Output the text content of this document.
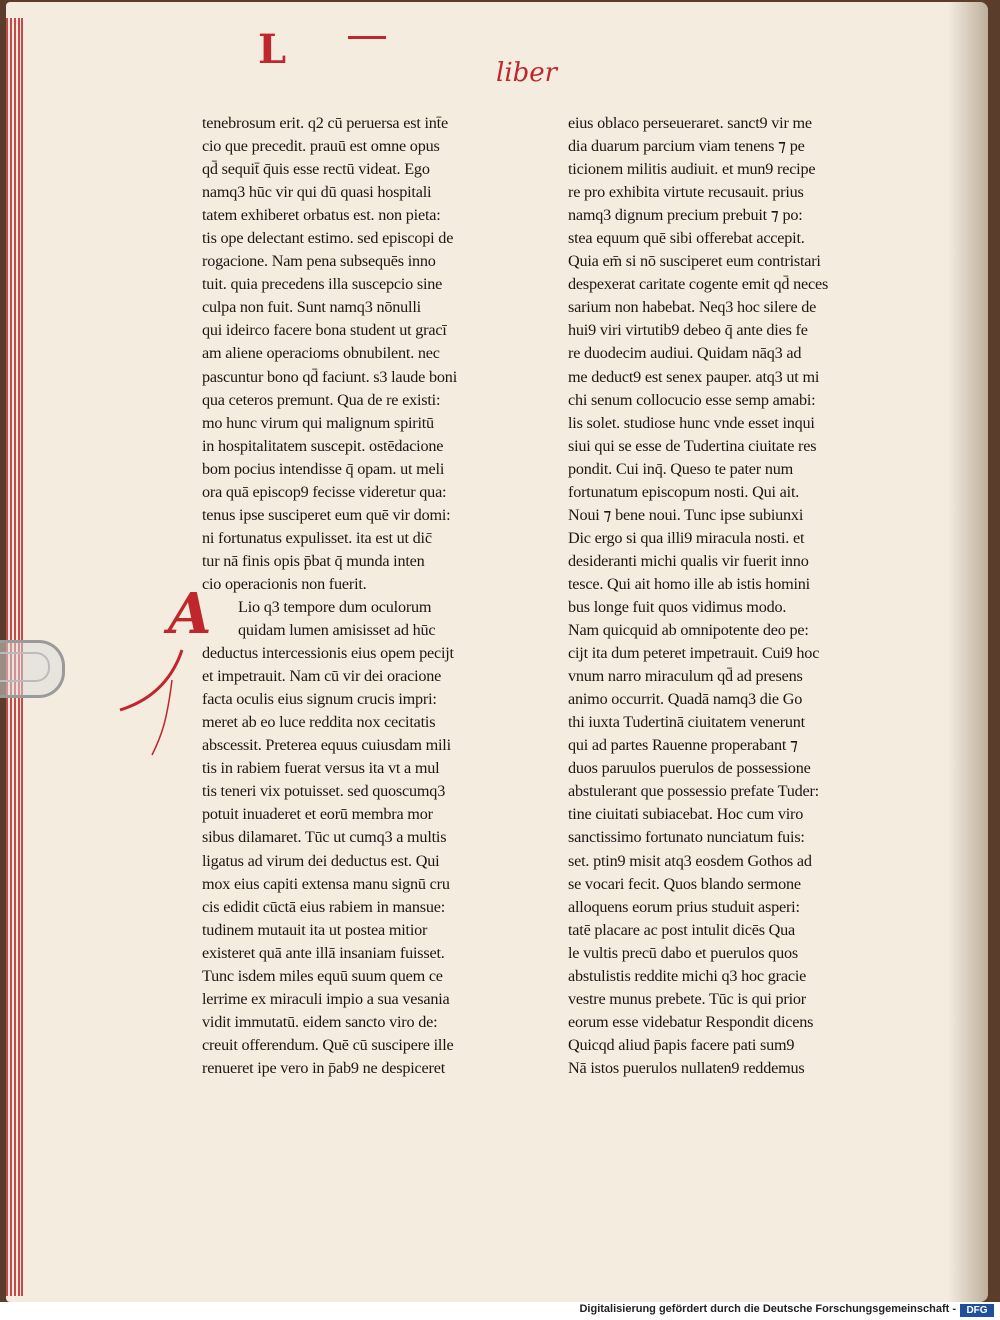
L	liber
tenebrosum erit. q2 cū peruersa est int̄e
cio que precedit. prauū est omne opus
qd̄ sequit̄ q̄uis esse rectū videat. Ego
namq3 hūc vir qui dū quasi hospitali
tatem exhiberet orbatus est. non pieta:
tis ope delectant estimo. sed episcopi de
rogacione. Nam pena subsequēs inno
tuit. quia precedens illa suscepcio sine
culpa non fuit. Sunt namq3 nōnulli
qui ideirco facere bona student ut gracī
am aliene operacioms obnubilent. nec
pascuntur bono qd̄ faciunt. s3 laude boni
qua ceteros premunt. Qua de re existi:
mo hunc virum qui malignum spiritū
in hospitalitatem suscepit. ostēdacione
bom pocius intendisse q̄ opam. ut meli
ora quā episcop9 fecisse videretur qua:
tenus ipse susciperet eum quē vir domi:
ni fortunatus expulisset. ita est ut dic̄
tur nā finis opis p̄bat q̄ munda inten
cio operacionis non fuerit.
Lio q3 tempore dum oculorum
quidam lumen amisisset ad hūc
deductus intercessionis eius opem pecijt
et impetrauit. Nam cū vir dei oracione
facta oculis eius signum crucis impri:
meret ab eo luce reddita nox cecitatis
abscessit. Preterea equus cuiusdam mili
tis in rabiem fuerat versus ita vt a mul
tis teneri vix potuisset. sed quoscumq3
potuit inuaderet et eorū membra mor
sibus dilamaret. Tūc ut cumq3 a multis
ligatus ad virum dei deductus est. Qui
mox eius capiti extensa manu signū cru
cis edidit cūctā eius rabiem in mansue:
tudinem mutauit ita ut postea mitior
existeret quā ante illā insaniam fuisset.
Tunc isdem miles equū suum quem ce
lerrime ex miraculi impio a sua vesania
vidit immutatū. eidem sancto viro de:
creuit offerendum. Quē cū suscipere ille
renueret ipe vero in p̄ab9 ne despiceret
eius oblaco perseueraret. sanct9 vir me
dia duarum parcium viam tenens ⁊ pe
ticionem militis audiuit. et mun9 recipe
re pro exhibita virtute recusauit. prius
namq3 dignum precium prebuit ⁊ po:
stea equum quē sibi offerebat accepit.
Quia em̄ si nō susciperet eum contristari
despexerat caritate cogente emit qd̄ neces
sarium non habebat. Neq3 hoc silere de
hui9 viri virtutib9 debeo q̄ ante dies fe
re duodecim audiui. Quidam nāq3 ad
me deduct9 est senex pauper. atq3 ut mi
chi senum collocucio esse semp amabi:
lis solet. studiose hunc vnde esset inqui
siui qui se esse de Tudertina ciuitate res
pondit. Cui inq̄. Queso te pater num
fortunatum episcopum nosti. Qui ait.
Noui ⁊ bene noui. Tunc ipse subiunxi
Dic ergo si qua illi9 miracula nosti. et
desideranti michi qualis vir fuerit inno
tesce. Qui ait homo ille ab istis homini
bus longe fuit quos vidimus modo.
Nam quicquid ab omnipotente deo pe:
cijt ita dum peteret impetrauit. Cui9 hoc
vnum narro miraculum qd̄ ad presens
animo occurrit. Quadā namq3 die Go
thi iuxta Tudertinā ciuitatem venerunt
qui ad partes Rauenne properabant ⁊
duos paruulos puerulos de possessione
abstulerant que possessio prefate Tuder:
tine ciuitati subiacebat. Hoc cum viro
sanctissimo fortunato nunciatum fuis:
set. ptin9 misit atq3 eosdem Gothos ad
se vocari fecit. Quos blando sermone
alloquens eorum prius studuit asperi:
tatē placare ac post intulit dicēs Qua
le vultis precū dabo et puerulos quos
abstulistis reddite michi q3 hoc gracie
vestre munus prebete. Tūc is qui prior
eorum esse videbatur Respondit dicens
Quicqd aliud p̄apis facere pati sum9
Nā istos puerulos nullaten9 reddemus
A
Digitalisierung gefördert durch die Deutsche Forschungsgemeinschaft -	DFG
